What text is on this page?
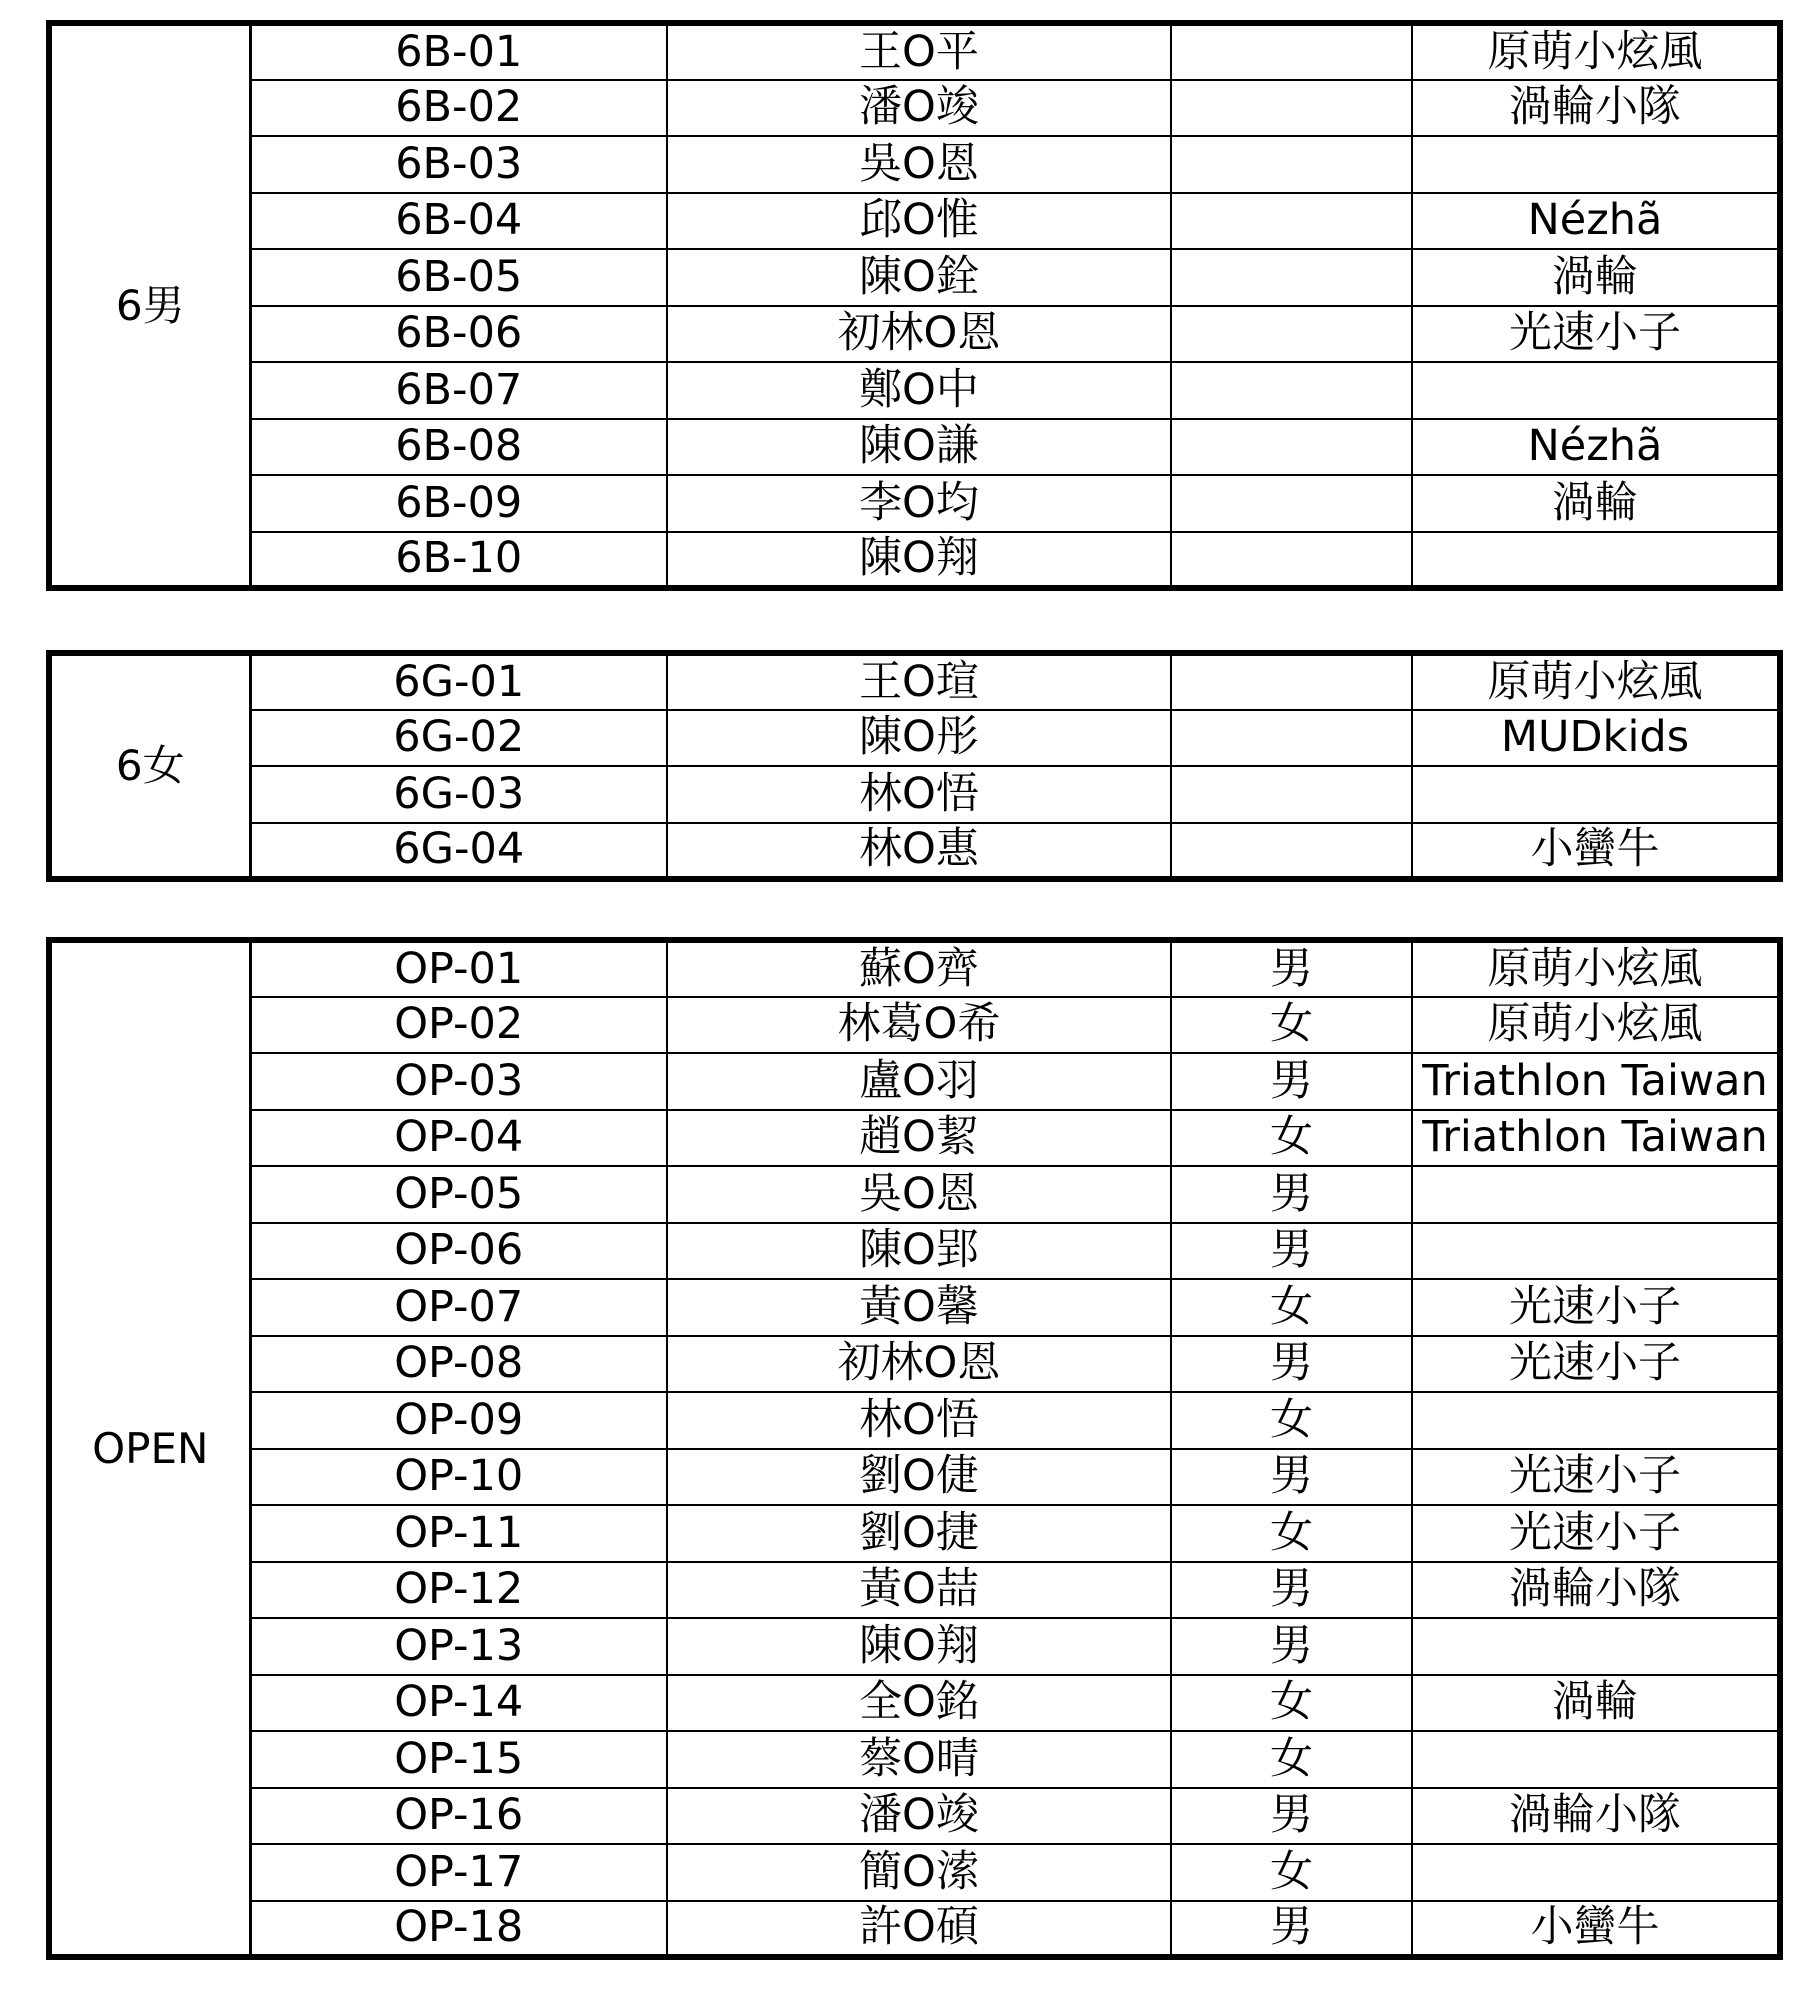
6男	6B-01	王O平		原萌小炫風
	6B-02	潘O竣		渦輪小隊
	6B-03	吳O恩		
	6B-04	邱O惟		Nézhã
	6B-05	陳O銓		渦輪
	6B-06	初林O恩		光速小子
	6B-07	鄭O中		
	6B-08	陳O謙		Nézhã
	6B-09	李O均		渦輪
	6B-10	陳O翔		
6女	6G-01	王O瑄		原萌小炫風
	6G-02	陳O彤		MUDkids
	6G-03	林O悟		
	6G-04	林O惠		小蠻牛
OPEN	OP-01	蘇O齊	男	原萌小炫風
	OP-02	林葛O希	女	原萌小炫風
	OP-03	盧O羽	男	Triathlon Taiwan
	OP-04	趙O絜	女	Triathlon Taiwan
	OP-05	吳O恩	男	
	OP-06	陳O郢	男	
	OP-07	黃O馨	女	光速小子
	OP-08	初林O恩	男	光速小子
	OP-09	林O悟	女	
	OP-10	劉O倢	男	光速小子
	OP-11	劉O捷	女	光速小子
	OP-12	黃O喆	男	渦輪小隊
	OP-13	陳O翔	男	
	OP-14	全O銘	女	渦輪
	OP-15	蔡O晴	女	
	OP-16	潘O竣	男	渦輪小隊
	OP-17	簡O溹	女	
	OP-18	許O碩	男	小蠻牛
